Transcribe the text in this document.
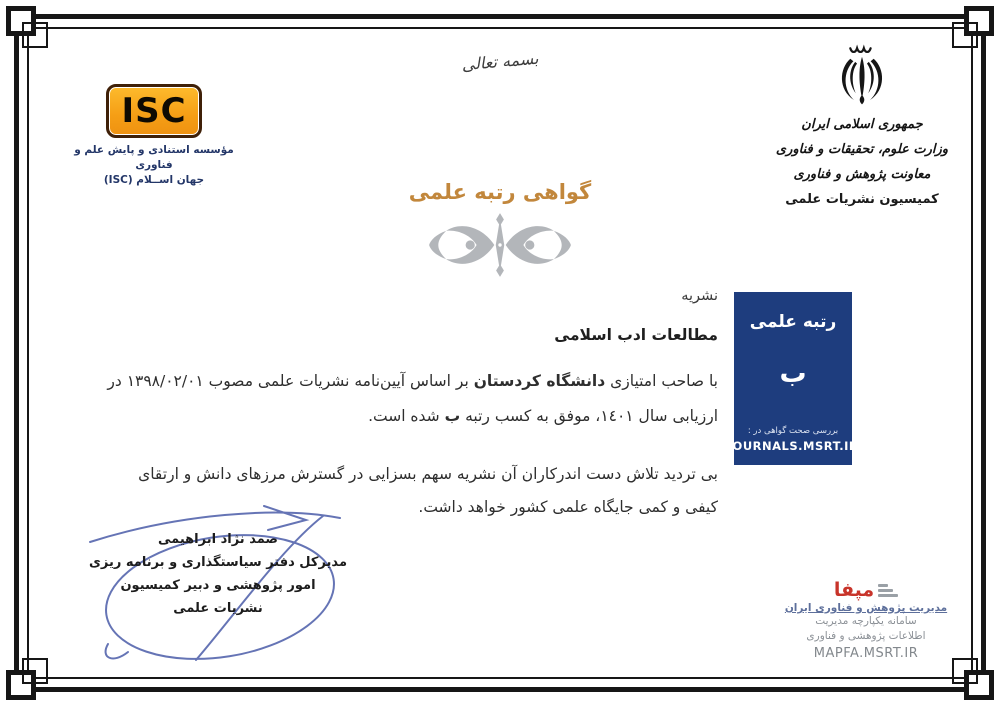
بسمه تعالی
ISC
مؤسسه استنادی و پایش علم و فناوری
جهان اســلام (ISC)
جمهوری اسلامی ایران
وزارت علوم، تحقیقات و فناوری
معاونت پژوهش و فناوری
کمیسیون نشریات علمی
گواهی رتبه علمی
رتبه علمی
ب
بررسی صحت گواهی در :
JOURNALS.MSRT.IR
نشریه
مطالعات ادب اسلامی

با صاحب امتیازی دانشگاه کردستان بر اساس آیین‌نامه نشریات علمی مصوب ١٣٩٨/٠٢/٠١ در ارزیابی سال ١٤٠١، موفق به کسب رتبه ب شده است.

بی تردید تلاش دست اندرکاران آن نشریه سهم بسزایی در گسترش مرزهای دانش و ارتقای
کیفی و کمی جایگاه علمی کشور خواهد داشت.

صمد نژاد ابراهیمی
مدیرکل دفتر سیاستگذاری و برنامه ریزی
امور پژوهشی و دبیر کمیسیون
نشریات علمی
مپفا
مدیریت پژوهش و فناوری ایران
سامانه یکپارچه مدیریت
اطلاعات پژوهشی و فناوری
MAPFA.MSRT.IR
